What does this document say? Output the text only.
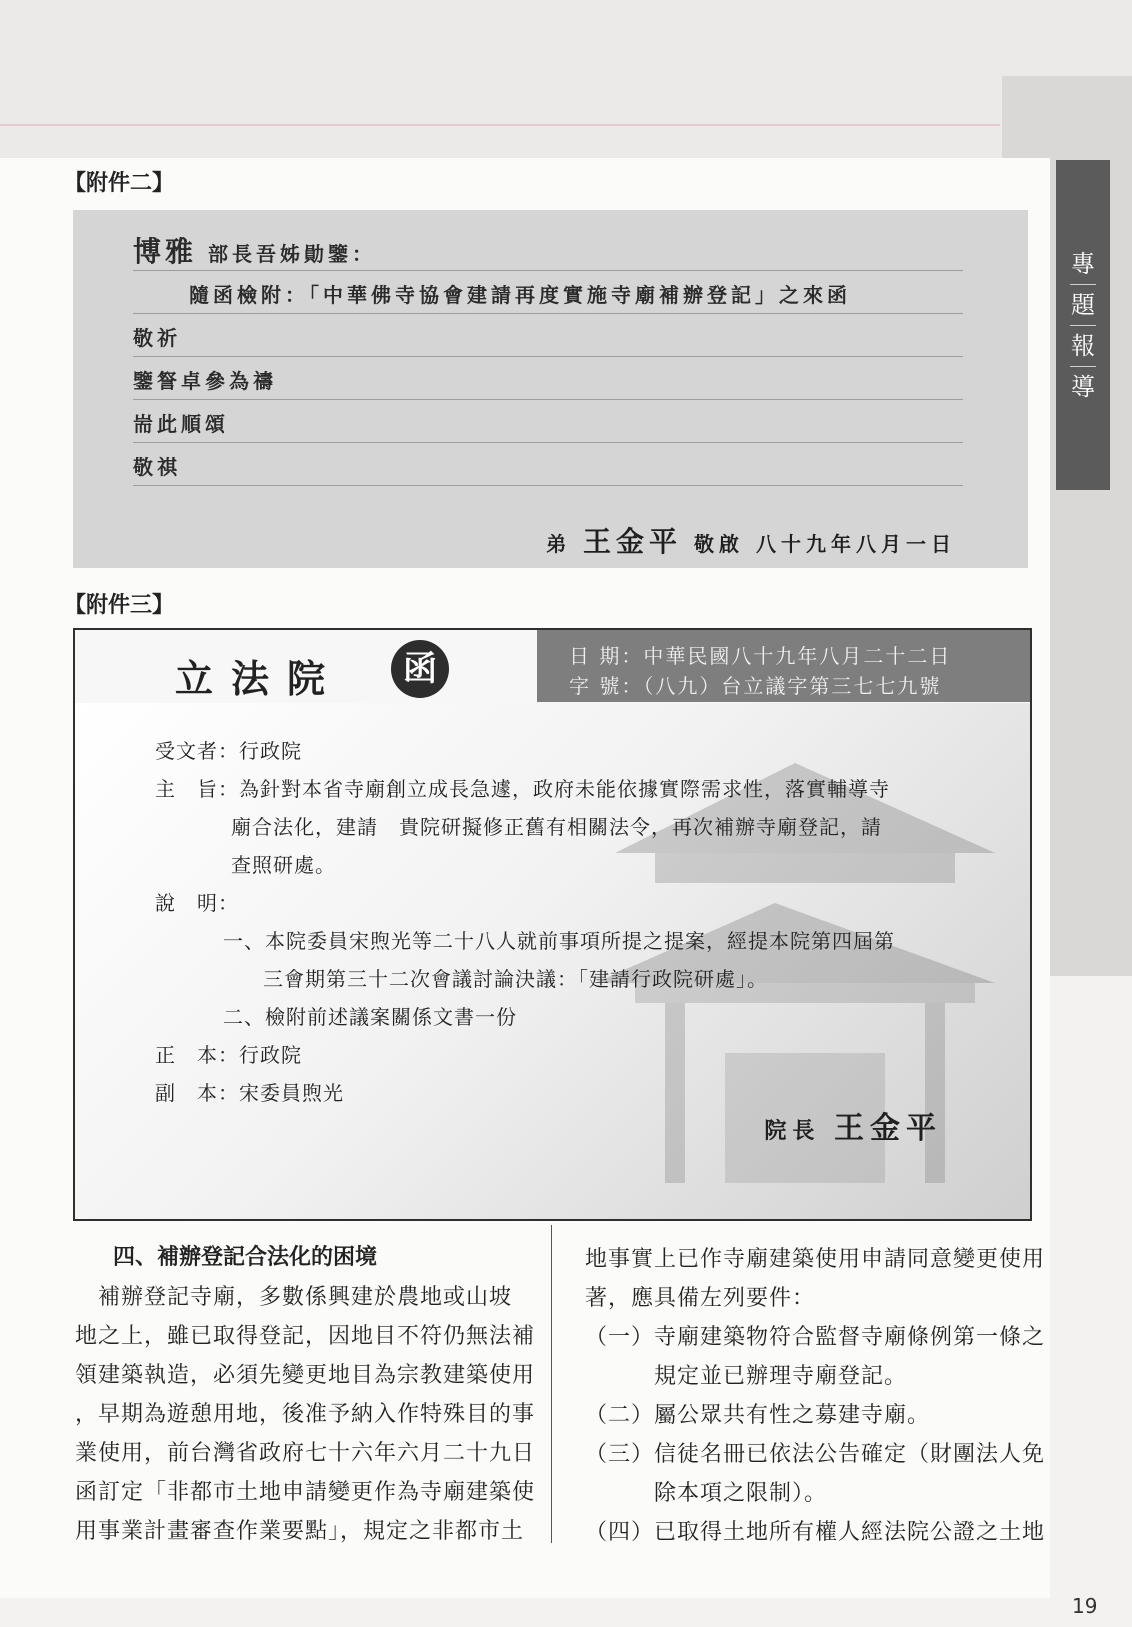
專
題
報
導
【附件二】
博雅 部長吾姊勛鑒：
隨函檢附：「中華佛寺協會建請再度實施寺廟補辦登記」之來函
敬祈
鑒詧卓參為禱
耑此順頌
敬祺
弟 王金平 敬啟 八十九年八月一日
【附件三】
立法院	函	日 期：中華民國八十九年八月二十二日
字 號：（八九）台立議字第三七七九號
受文者：行政院
主　旨：為針對本省寺廟創立成長急遽，政府未能依據實際需求性，落實輔導寺
廟合法化，建請　貴院研擬修正舊有相關法令，再次補辦寺廟登記，請
查照研處。
說　明：
一、本院委員宋煦光等二十八人就前事項所提之提案，經提本院第四屆第
三會期第三十二次會議討論決議：「建請行政院研處」。
二、檢附前述議案關係文書一份
正　本：行政院
副　本：宋委員煦光
院長 王金平
四、補辦登記合法化的困境
　補辦登記寺廟，多數係興建於農地或山坡
地之上，雖已取得登記，因地目不符仍無法補
領建築執造，必須先變更地目為宗教建築使用
，早期為遊憩用地，後准予納入作特殊目的事
業使用，前台灣省政府七十六年六月二十九日
函訂定「非都市土地申請變更作為寺廟建築使
用事業計畫審查作業要點」，規定之非都市土
地事實上已作寺廟建築使用申請同意變更使用
著，應具備左列要件：
（一）寺廟建築物符合監督寺廟條例第一條之
　　　規定並已辦理寺廟登記。
（二）屬公眾共有性之募建寺廟。
（三）信徒名冊已依法公告確定（財團法人免
　　　除本項之限制）。
（四）已取得土地所有權人經法院公證之土地
19
